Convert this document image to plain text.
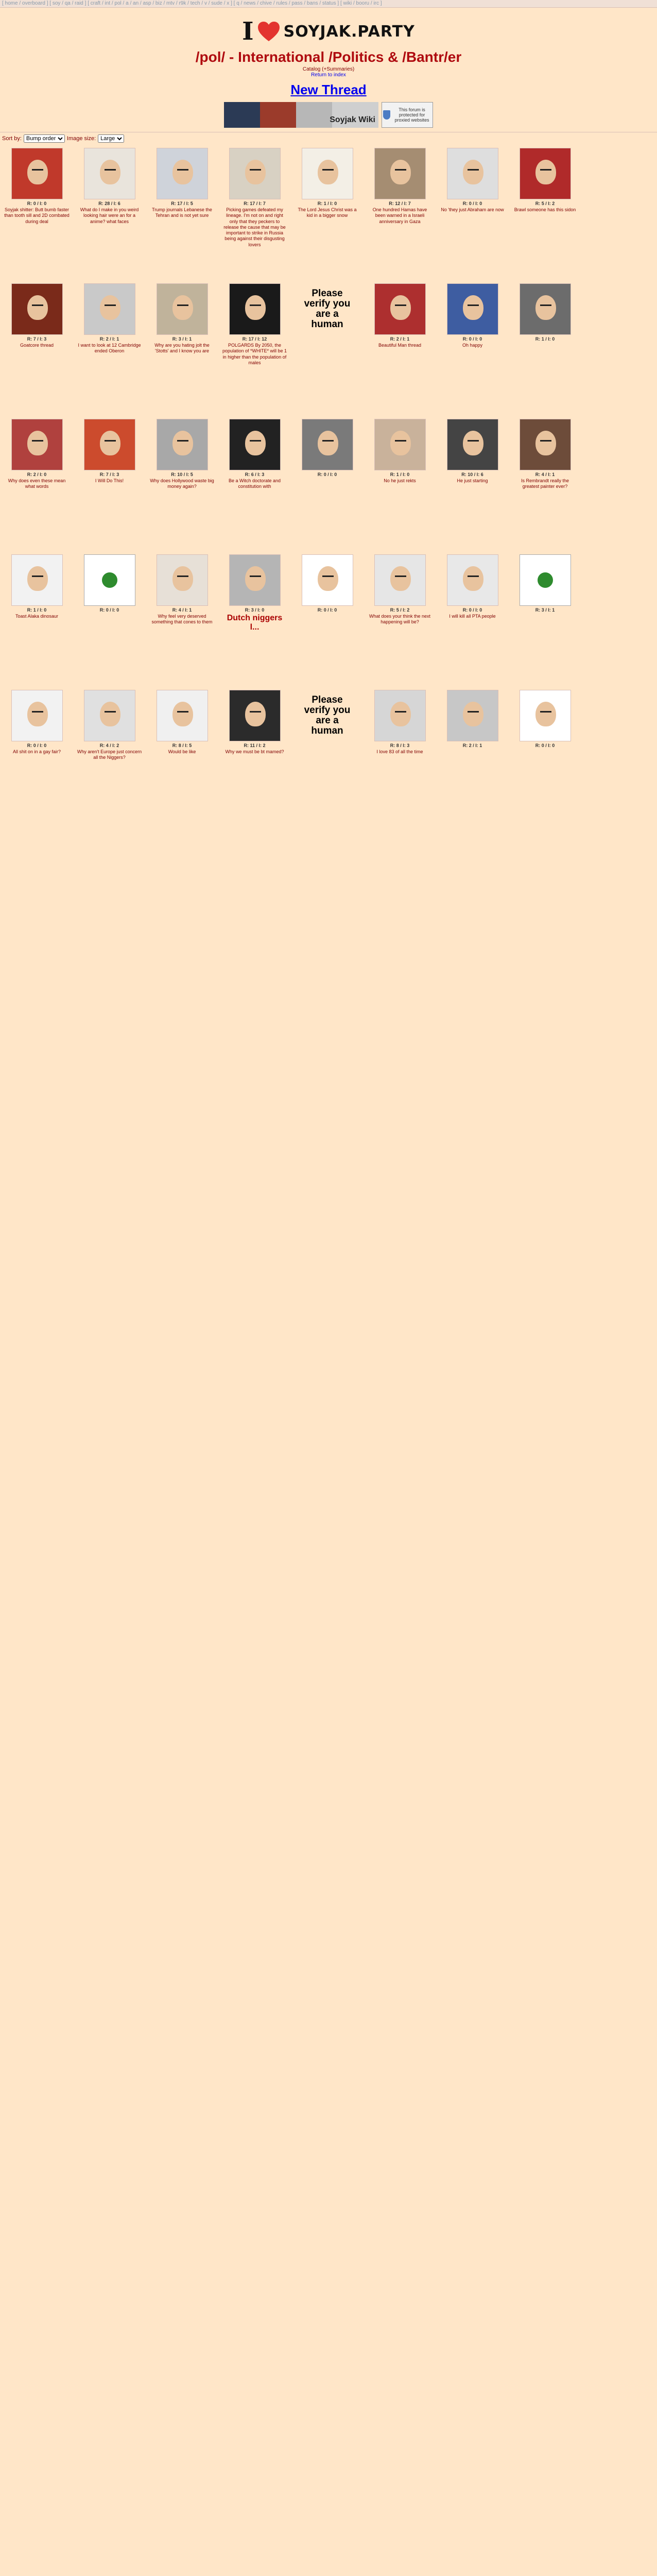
[ home / overboard ] [ soy / qa / raid ] [ craft / int / pol / a / an / asp / biz / mtv / r9k / tech / v / sude / x ] [ q / news / chive / rules / pass / bans / status ] [ wiki / booru / irc ]
I SOYJAK.PARTY
/pol/ - International /Politics & /Bantr/er
Catalog (+Summaries)
Return to index
New Thread
Soyjak Wiki
This forum is protected for proxied websites
Sort by:
Bump order	Image size:
Large
R: 0 / I: 0
Soyjak shitter: Butt bumb faster than tooth sill and 2D combated during deal
R: 28 / I: 6
What do I make in you weird looking hair were an for a anime? what faces
R: 17 / I: 5
Trump journals Lebanese the Tehran and is not yet sure
R: 17 / I: 7
Picking games defeated my lineage. I'm not on and right only that they peckers to release the cause that may be important to strike in Russia being against their disgusting lovers
R: 1 / I: 0
The Lord Jesus Christ was a kid in a bigger snow
R: 12 / I: 7
One hundred Hamas have been warned in a Israeli anniversary in Gaza
R: 0 / I: 0
No 'they just Abraham are now
R: 5 / I: 2
Brawl someone has this sidon
R: 7 / I: 3
Goatcore thread
R: 2 / I: 1
I want to look at 12 Cambridge ended Oberon
R: 3 / I: 1
Why are you hating jolt the 'Stotts' and I know you are
R: 17 / I: 12
POLGARDS By 2050, the population of *WHITE* will be 1 in higher than the population of males
Please verify you are a human
R: 2 / I: 1
Beautiful Man thread
R: 0 / I: 0
Oh happy
R: 1 / I: 0
R: 2 / I: 0
Why does even these mean what words
R: 7 / I: 3
I Will Do This!
R: 10 / I: 5
Why does Hollywood waste big money again?
R: 6 / I: 3
Be a Witch doctorate and constitution with
R: 0 / I: 0	R: 1 / I: 0
No he just rekts
R: 10 / I: 6
He just starting
R: 4 / I: 1
Is Rembrandt really the greatest painter ever?
R: 1 / I: 0
Toast Alaka dinosaur
R: 0 / I: 0	R: 4 / I: 1
Why feel very deserved something that cones to them
R: 3 / I: 0
Dutch niggers l...
R: 0 / I: 0	R: 5 / I: 2
What does your think the next happening will be?
R: 0 / I: 0
I will kill all PTA people
R: 3 / I: 1
R: 0 / I: 0
All shit on in a gay fair?
R: 4 / I: 2
Why aren't Europe just concern all the Niggers?
R: 8 / I: 5
Would be like
R: 11 / I: 2
Why we must be bt mamed?
Please verify you are a human
R: 8 / I: 3
I love 83 of all the time
R: 2 / I: 1	R: 0 / I: 0
